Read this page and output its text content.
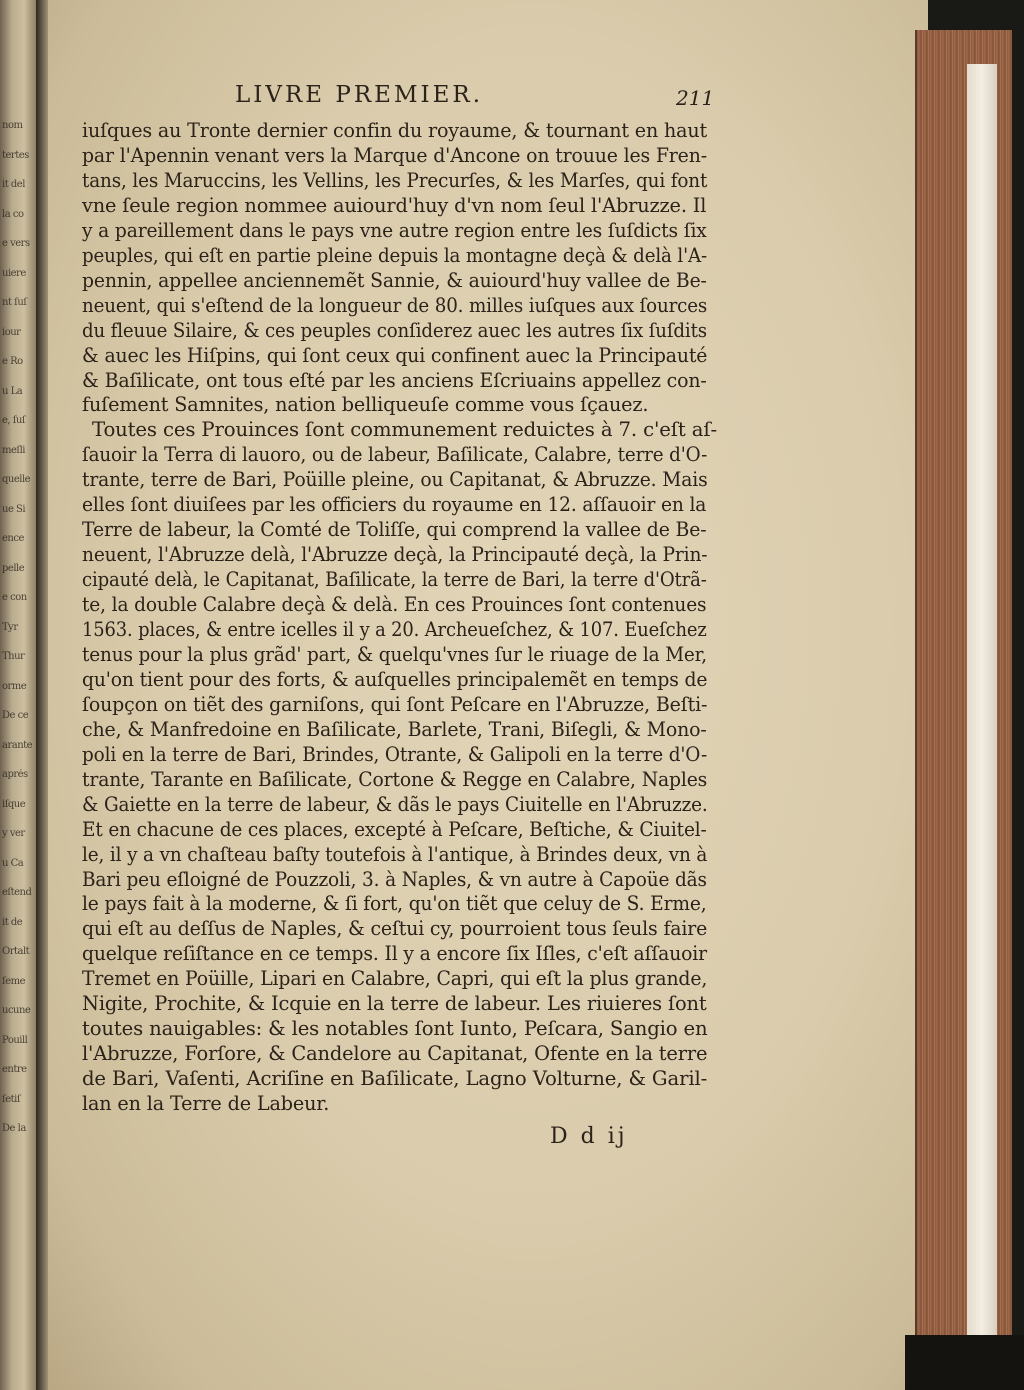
nom
tertes
it del
la co
e vers
uiere
nt ſuſ
iour
e Ro
u La
e, ſuſ
meſli
quelle
ue Si
ence
pelle
e con
Tyr
Thur
orme
De ce
arante
aprés
iſque
y ver
u Ca
eſtend
it de
Ortalt
ſeme
ucune
Pouill
entre
ſetiſ
De la
LIVRE PREMIER.	211
iuſques au Tronte dernier confin du royaume, & tournant en haut
par l'Apennin venant vers la Marque d'Ancone on trouue les Fren-
tans, les Maruccins, les Vellins, les Precurſes, & les Marſes, qui font
vne ſeule region nommee auiourd'huy d'vn nom ſeul l'Abruzze. Il
y a pareillement dans le pays vne autre region entre les ſuſdicts ſix
peuples, qui eſt en partie pleine depuis la montagne deçà & delà l'A-
pennin, appellee anciennemẽt Sannie, & auiourd'huy vallee de Be-
neuent, qui s'eſtend de la longueur de 80. milles iuſques aux ſources
du fleuue Silaire, & ces peuples conſiderez auec les autres ſix ſuſdits
& auec les Hiſpins, qui ſont ceux qui confinent auec la Principauté
& Baſilicate, ont tous eſté par les anciens Eſcriuains appellez con-
fuſement Samnites, nation belliqueuſe comme vous ſçauez.
Toutes ces Prouinces ſont communement reduictes à 7. c'eſt aſ-
ſauoir la Terra di lauoro, ou de labeur, Baſilicate, Calabre, terre d'O-
trante, terre de Bari, Poüille pleine, ou Capitanat, & Abruzze. Mais
elles ſont diuiſees par les officiers du royaume en 12. aſſauoir en la
Terre de labeur, la Comté de Toliſſe, qui comprend la vallee de Be-
neuent, l'Abruzze delà, l'Abruzze deçà, la Principauté deçà, la Prin-
cipauté delà, le Capitanat, Baſilicate, la terre de Bari, la terre d'Otrã-
te, la double Calabre deçà & delà. En ces Prouinces ſont contenues
1563. places, & entre icelles il y a 20. Archeueſchez, & 107. Eueſchez
tenus pour la plus grãd' part, & quelqu'vnes ſur le riuage de la Mer,
qu'on tient pour des forts, & auſquelles principalemẽt en temps de
ſoupçon on tiẽt des garniſons, qui ſont Peſcare en l'Abruzze, Beſti-
che, & Manfredoine en Baſilicate, Barlete, Trani, Biſegli, & Mono-
poli en la terre de Bari, Brindes, Otrante, & Galipoli en la terre d'O-
trante, Tarante en Baſilicate, Cortone & Regge en Calabre, Naples
& Gaiette en la terre de labeur, & dãs le pays Ciuitelle en l'Abruzze.
Et en chacune de ces places, excepté à Peſcare, Beſtiche, & Ciuitel-
le, il y a vn chaſteau baſty toutefois à l'antique, à Brindes deux, vn à
Bari peu eſloigné de Pouzzoli, 3. à Naples, & vn autre à Capoüe dãs
le pays fait à la moderne, & ſi fort, qu'on tiẽt que celuy de S. Erme,
qui eſt au deſſus de Naples, & ceſtui cy, pourroient tous ſeuls faire
quelque reſiſtance en ce temps. Il y a encore ſix Iſles, c'eſt aſſauoir
Tremet en Poüille, Lipari en Calabre, Capri, qui eſt la plus grande,
Nigite, Prochite, & Icquie en la terre de labeur. Les riuieres ſont
toutes nauigables: & les notables ſont Iunto, Peſcara, Sangio en
l'Abruzze, Forſore, & Candelore au Capitanat, Ofente en la terre
de Bari, Vaſenti, Acriſine en Baſilicate, Lagno Volturne, & Garil-
lan en la Terre de Labeur.
D d ij
